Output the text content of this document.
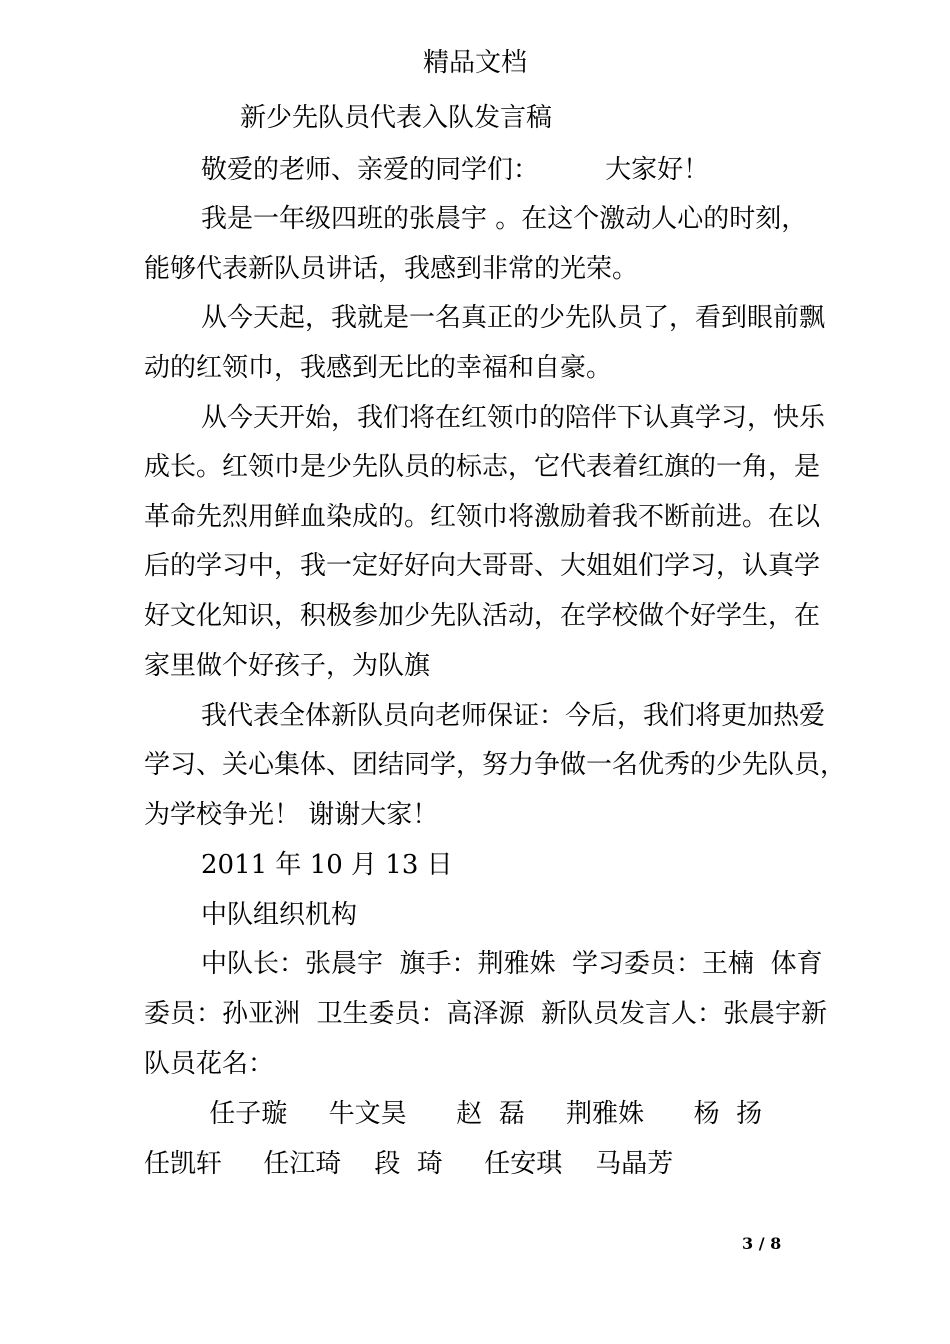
精品文档
新少先队员代表入队发言稿
敬爱的老师、亲爱的同学们：        大家好！
我是一年级四班的张晨宇 。在这个激动人心的时刻，
能够代表新队员讲话，我感到非常的光荣。
从今天起，我就是一名真正的少先队员了，看到眼前飘
动的红领巾，我感到无比的幸福和自豪。
从今天开始，我们将在红领巾的陪伴下认真学习，快乐
成长。红领巾是少先队员的标志，它代表着红旗的一角，是
革命先烈用鲜血染成的。红领巾将激励着我不断前进。在以
后的学习中，我一定好好向大哥哥、大姐姐们学习，认真学
好文化知识，积极参加少先队活动，在学校做个好学生，在
家里做个好孩子，为队旗
我代表全体新队员向老师保证：今后，我们将更加热爱
学习、关心集体、团结同学，努力争做一名优秀的少先队员，
为学校争光！ 谢谢大家！
2011 年 10 月 13 日
中队组织机构
中队长：张晨宇  旗手：荆雅姝  学习委员：王楠  体育
委员：孙亚洲  卫生委员：高泽源  新队员发言人：张晨宇新
队员花名：
任子璇     牛文昊      赵  磊     荆雅姝      杨  扬
任凯轩     任江琦    段  琦     任安琪    马晶芳
3 / 8
